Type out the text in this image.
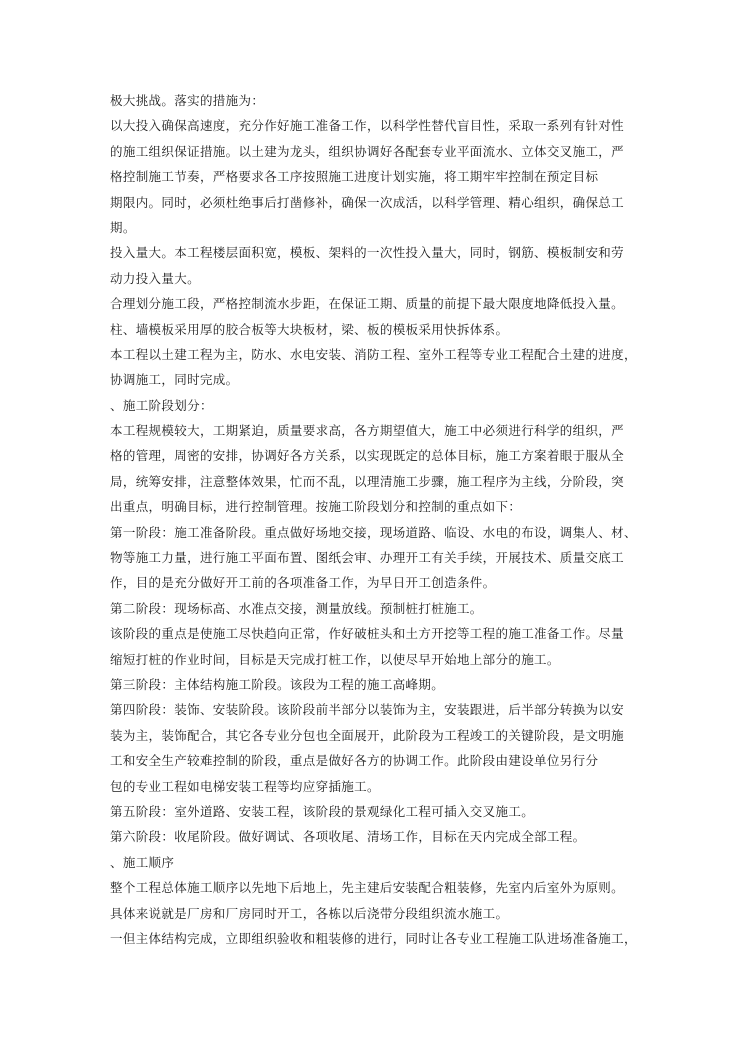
极大挑战。落实的措施为：
以大投入确保高速度，充分作好施工准备工作，以科学性替代盲目性，采取一系列有针对性
的施工组织保证措施。以土建为龙头，组织协调好各配套专业平面流水、立体交叉施工，严
格控制施工节奏，严格要求各工序按照施工进度计划实施，将工期牢牢控制在预定目标
期限内。同时，必须杜绝事后打凿修补，确保一次成活，以科学管理、精心组织，确保总工
期。
投入量大。本工程楼层面积宽，模板、架料的一次性投入量大，同时，钢筋、模板制安和劳
动力投入量大。
合理划分施工段，严格控制流水步距，在保证工期、质量的前提下最大限度地降低投入量。
柱、墙模板采用厚的胶合板等大块板材，梁、板的模板采用快拆体系。
本工程以土建工程为主，防水、水电安装、消防工程、室外工程等专业工程配合土建的进度，
协调施工，同时完成。
、施工阶段划分：
本工程规模较大，工期紧迫，质量要求高，各方期望值大，施工中必须进行科学的组织，严
格的管理，周密的安排，协调好各方关系，以实现既定的总体目标，施工方案着眼于服从全
局，统筹安排，注意整体效果，忙而不乱，以理清施工步骤，施工程序为主线，分阶段，突
出重点，明确目标，进行控制管理。按施工阶段划分和控制的重点如下：
第一阶段：施工准备阶段。重点做好场地交接，现场道路、临设、水电的布设，调集人、材、
物等施工力量，进行施工平面布置、图纸会审、办理开工有关手续，开展技术、质量交底工
作，目的是充分做好开工前的各项准备工作，为早日开工创造条件。
第二阶段：现场标高、水准点交接，测量放线。预制桩打桩施工。
该阶段的重点是使施工尽快趋向正常，作好破桩头和土方开挖等工程的施工准备工作。尽量
缩短打桩的作业时间，目标是天完成打桩工作，以使尽早开始地上部分的施工。
第三阶段：主体结构施工阶段。该段为工程的施工高峰期。
第四阶段：装饰、安装阶段。该阶段前半部分以装饰为主，安装跟进，后半部分转换为以安
装为主，装饰配合，其它各专业分包也全面展开，此阶段为工程竣工的关键阶段，是文明施
工和安全生产较难控制的阶段，重点是做好各方的协调工作。此阶段由建设单位另行分
包的专业工程如电梯安装工程等均应穿插施工。
第五阶段：室外道路、安装工程，该阶段的景观绿化工程可插入交叉施工。
第六阶段：收尾阶段。做好调试、各项收尾、清场工作，目标在天内完成全部工程。
、施工顺序
整个工程总体施工顺序以先地下后地上，先主建后安装配合粗装修，先室内后室外为原则。
具体来说就是厂房和厂房同时开工，各栋以后浇带分段组织流水施工。
一但主体结构完成，立即组织验收和粗装修的进行，同时让各专业工程施工队进场准备施工，
